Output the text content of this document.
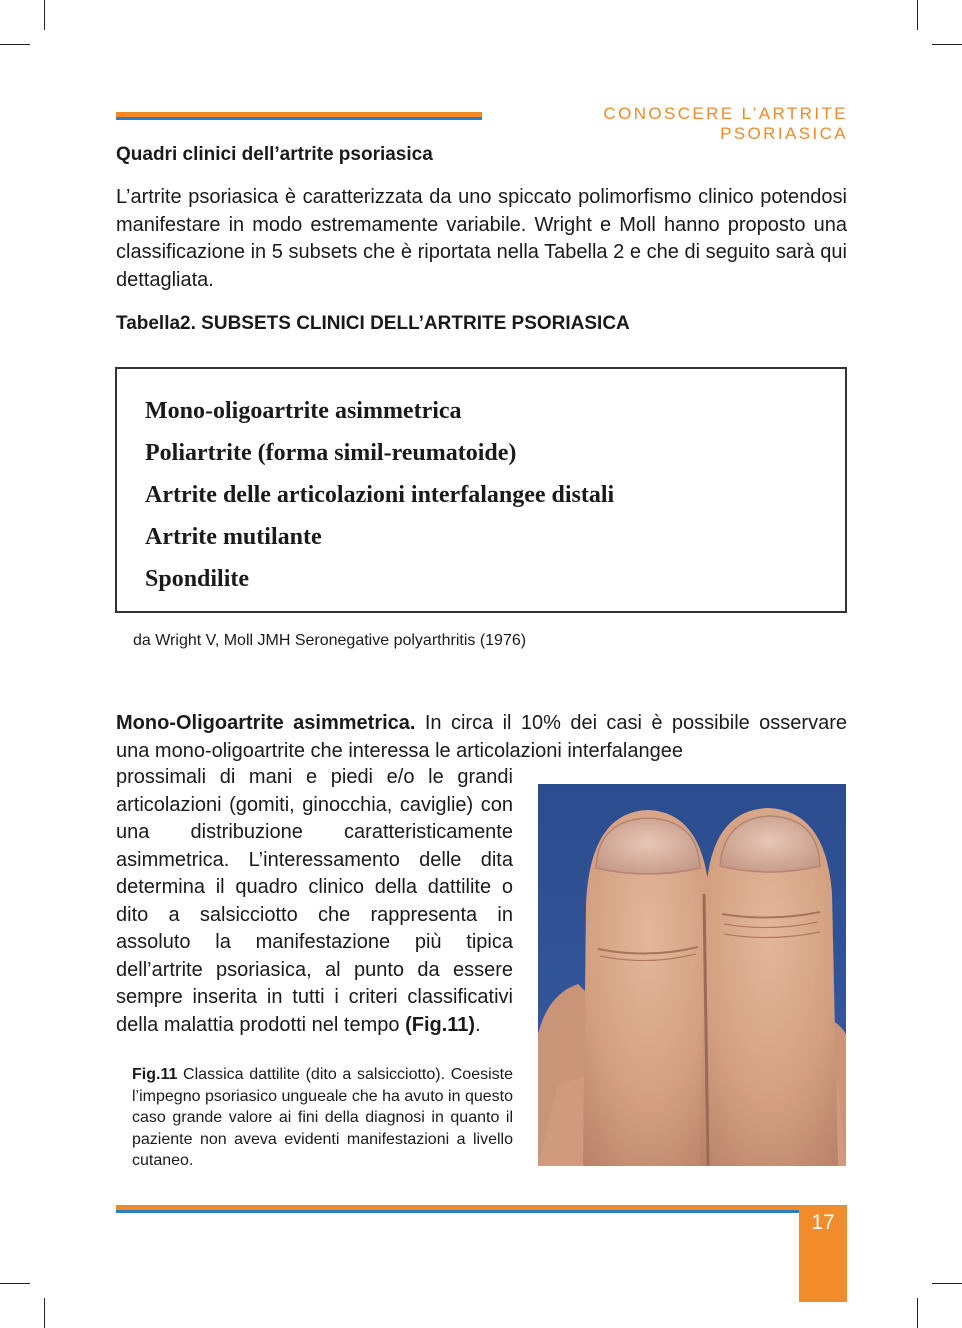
CONOSCERE L’ARTRITE PSORIASICA
Quadri clinici dell’artrite psoriasica
L’artrite psoriasica è caratterizzata da uno spiccato polimorfismo clinico potendosi manifestare in modo estremamente variabile. Wright e Moll hanno proposto una classificazione in 5 subsets che è riportata nella Tabella 2 e che di seguito sarà qui dettagliata.
Tabella2. SUBSETS CLINICI DELL’ARTRITE PSORIASICA
Mono-oligoartrite asimmetrica
Poliartrite (forma simil-reumatoide)
Artrite delle articolazioni interfalangee distali
Artrite mutilante
Spondilite
da Wright V, Moll JMH Seronegative polyarthritis (1976)
Mono-Oligoartrite asimmetrica. In circa il 10% dei casi è possibile osservare una mono-oligoartrite che interessa le articolazioni interfalangee
prossimali di mani e piedi e/o le grandi articolazioni (gomiti, ginocchia, caviglie) con una distribuzione caratteristicamente asimmetrica. L’interessamento delle dita determina il quadro clinico della dattilite o dito a salsicciotto che rappresenta in assoluto la manifestazione più tipica dell’artrite psoriasica, al punto da essere sempre inserita in tutti i criteri classificativi della malattia prodotti nel tempo (Fig.11).
Fig.11 Classica dattilite (dito a salsicciotto). Coesiste l’impegno psoriasico ungueale che ha avuto in questo caso grande valore ai fini della diagnosi in quanto il paziente non aveva evidenti manifestazioni a livello cutaneo.
17
